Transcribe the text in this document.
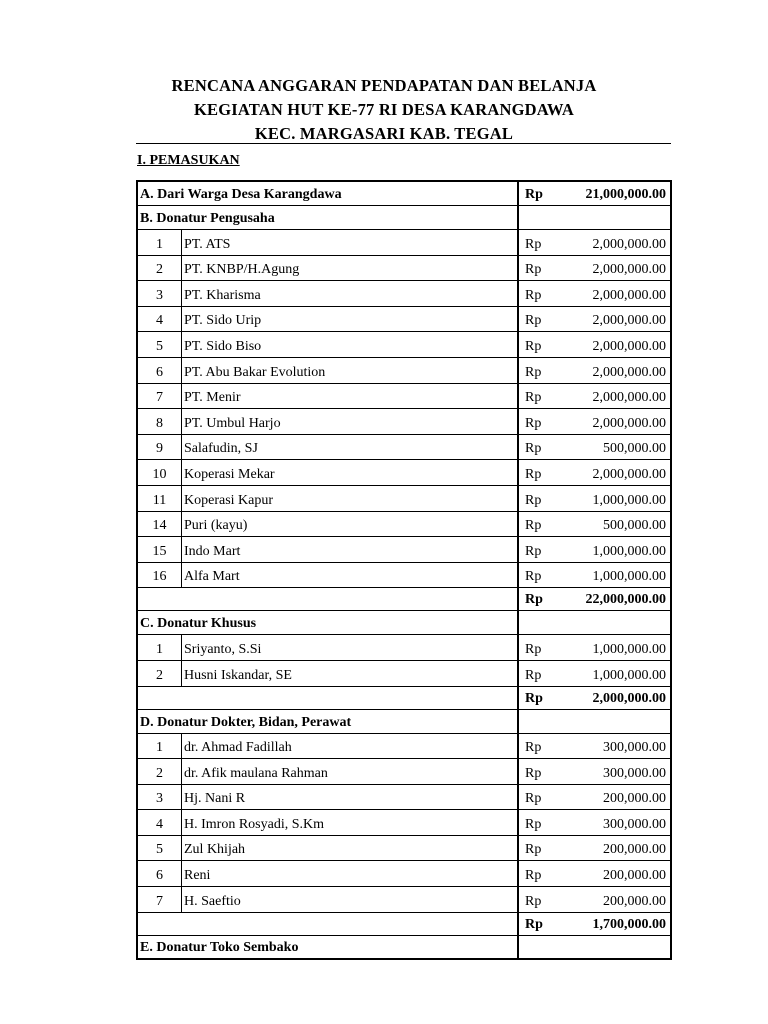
RENCANA ANGGARAN PENDAPATAN DAN BELANJA
KEGIATAN HUT KE-77 RI DESA KARANGDAWA
KEC. MARGASARI KAB. TEGAL
I. PEMASUKAN
A. Dari Warga Desa Karangdawa	Rp	21,000,000.00
B. Donatur Pengusaha
1	PT. ATS	Rp	2,000,000.00
2	PT. KNBP/H.Agung	Rp	2,000,000.00
3	PT. Kharisma	Rp	2,000,000.00
4	PT. Sido Urip	Rp	2,000,000.00
5	PT. Sido Biso	Rp	2,000,000.00
6	PT. Abu Bakar Evolution	Rp	2,000,000.00
7	PT. Menir	Rp	2,000,000.00
8	PT. Umbul Harjo	Rp	2,000,000.00
9	Salafudin, SJ	Rp	500,000.00
10	Koperasi Mekar	Rp	2,000,000.00
11	Koperasi Kapur	Rp	1,000,000.00
14	Puri (kayu)	Rp	500,000.00
15	Indo Mart	Rp	1,000,000.00
16	Alfa Mart	Rp	1,000,000.00
Rp	22,000,000.00
C. Donatur Khusus
1	Sriyanto, S.Si	Rp	1,000,000.00
2	Husni Iskandar, SE	Rp	1,000,000.00
Rp	2,000,000.00
D. Donatur Dokter, Bidan, Perawat
1	dr. Ahmad Fadillah	Rp	300,000.00
2	dr. Afik maulana Rahman	Rp	300,000.00
3	Hj. Nani R	Rp	200,000.00
4	H. Imron Rosyadi, S.Km	Rp	300,000.00
5	Zul Khijah	Rp	200,000.00
6	Reni	Rp	200,000.00
7	H. Saeftio	Rp	200,000.00
Rp	1,700,000.00
E. Donatur Toko Sembako
